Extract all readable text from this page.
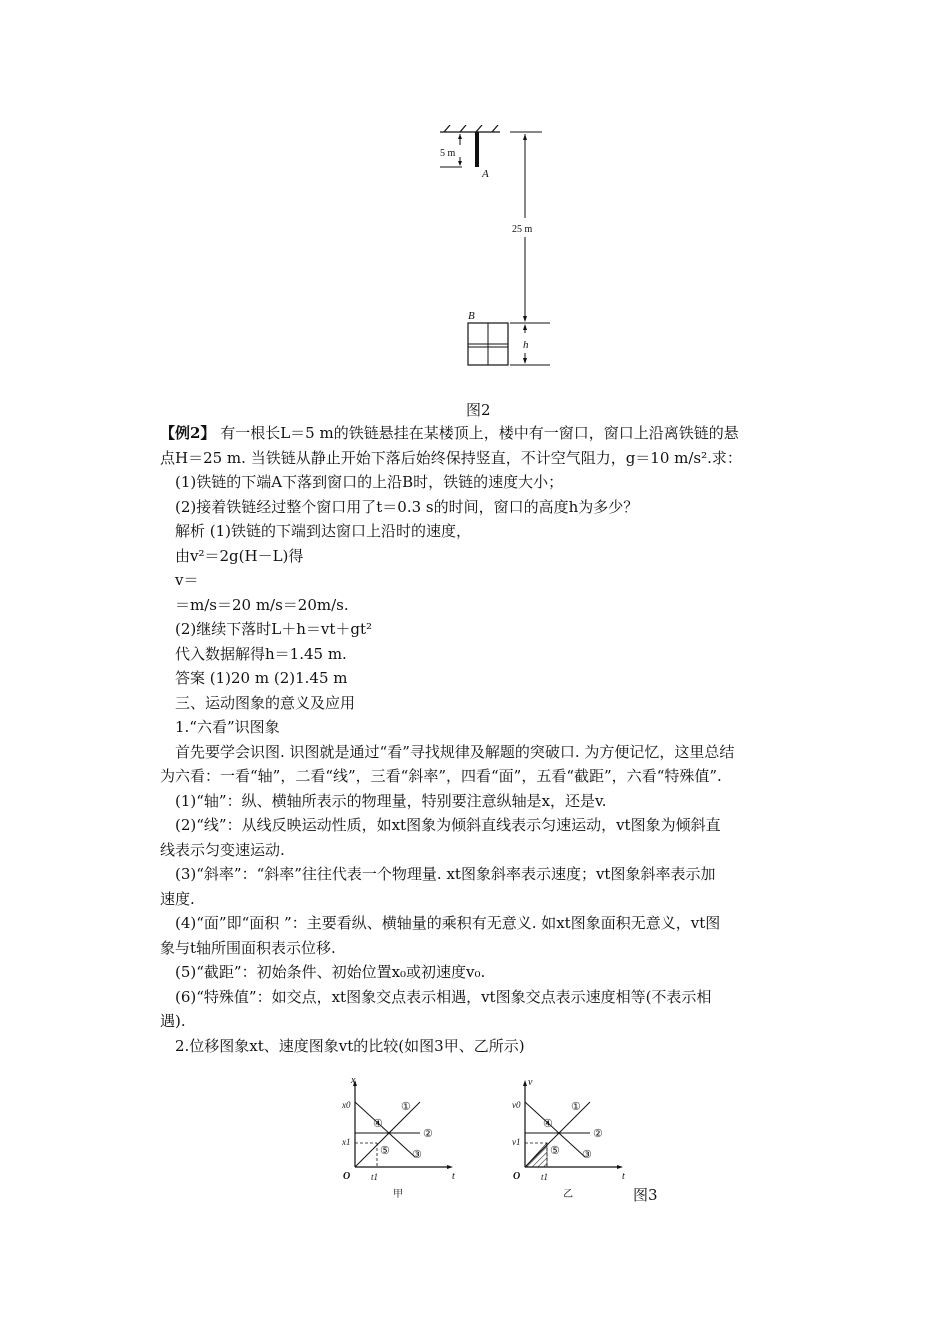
5 m
A
25 m
B
h
图2
【例2】 有一根长L＝5 m的铁链悬挂在某楼顶上，楼中有一窗口，窗口上沿离铁链的悬
点H＝25 m. 当铁链从静止开始下落后始终保持竖直，不计空气阻力，g＝10 m/s².求：
(1)铁链的下端A下落到窗口的上沿B时，铁链的速度大小；
(2)接着铁链经过整个窗口用了t＝0.3 s的时间，窗口的高度h为多少？
解析 (1)铁链的下端到达窗口上沿时的速度，
由v²＝2g(H－L)得
v＝
＝m/s＝20 m/s＝20m/s.
(2)继续下落时L＋h＝vt＋gt²
代入数据解得h＝1.45 m.
答案 (1)20 m (2)1.45 m
三、运动图象的意义及应用
1.“六看”识图象
首先要学会识图. 识图就是通过“看”寻找规律及解题的突破口. 为方便记忆，这里总结
为六看：一看“轴”，二看“线”，三看“斜率”，四看“面”，五看“截距”，六看“特殊值”.
(1)“轴”：纵、横轴所表示的物理量，特别要注意纵轴是x，还是v.
(2)“线”：从线反映运动性质，如xt图象为倾斜直线表示匀速运动，vt图象为倾斜直
线表示匀变速运动.
(3)“斜率”：“斜率”往往代表一个物理量. xt图象斜率表示速度；vt图象斜率表示加
速度.
(4)“面”即“面积 ”：主要看纵、横轴量的乘积有无意义. 如xt图象面积无意义，vt图
象与t轴所围面积表示位移.
(5)“截距”：初始条件、初始位置x₀或初速度v₀.
(6)“特殊值”：如交点，xt图象交点表示相遇，vt图象交点表示速度相等(不表示相
遇).
2.位移图象xt、速度图象vt的比较(如图3甲、乙所示)
x
t
O
x0
x1
t1
甲
①
②
③
④
⑤
v
t
O
v0
v1
t1
乙
①
②
③
④
⑤
图3
